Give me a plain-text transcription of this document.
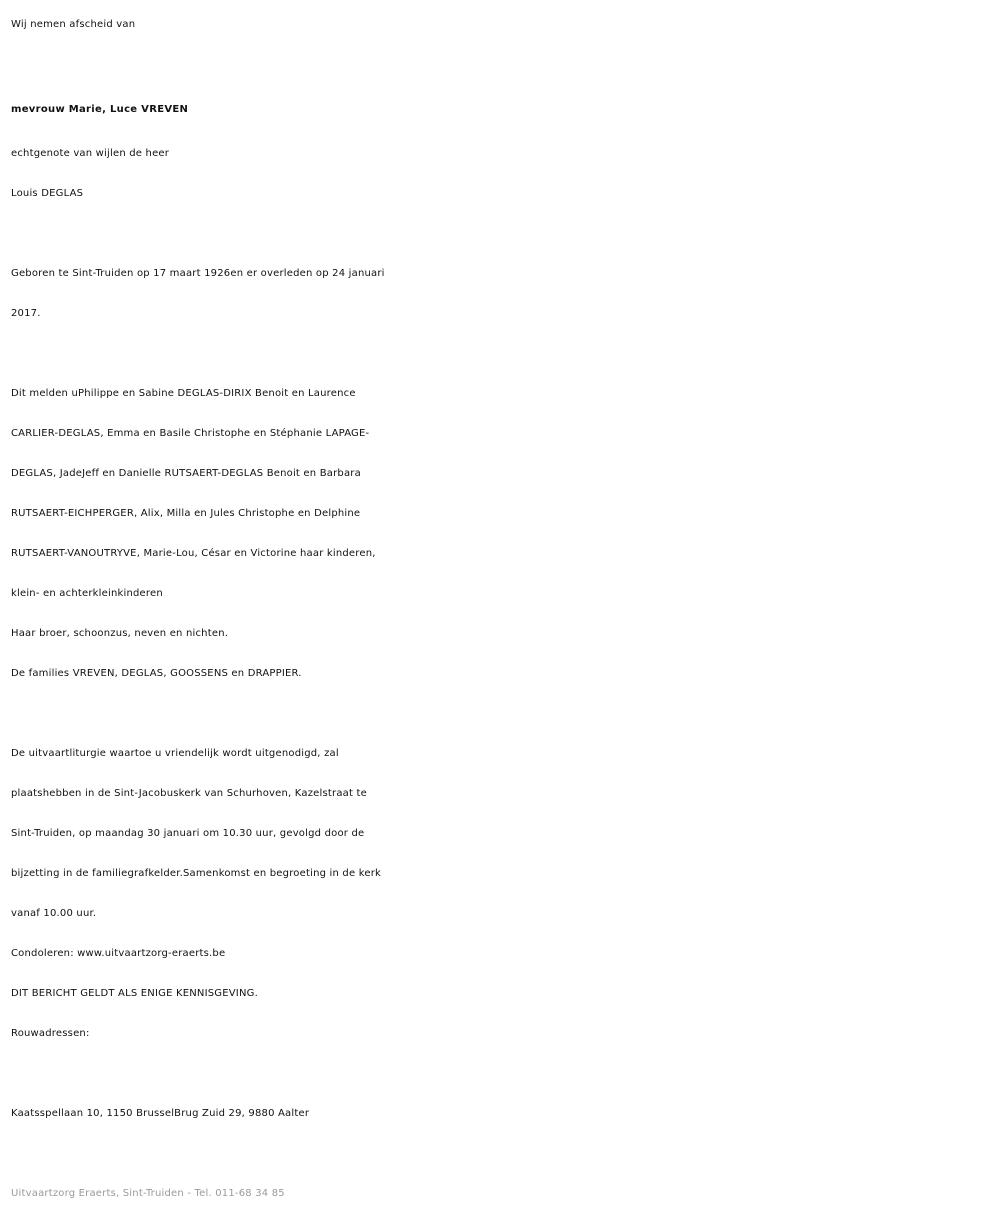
Wij nemen afscheid van
mevrouw Marie, Luce VREVEN
echtgenote van wijlen de heer
Louis DEGLAS
Geboren te Sint-Truiden op 17 maart 1926en er overleden op 24 januari
2017.
Dit melden uPhilippe en Sabine DEGLAS-DIRIX Benoit en Laurence
CARLIER-DEGLAS, Emma en Basile Christophe en Stéphanie LAPAGE-
DEGLAS, JadeJeff en Danielle RUTSAERT-DEGLAS Benoit en Barbara
RUTSAERT-EICHPERGER, Alix, Milla en Jules Christophe en Delphine
RUTSAERT-VANOUTRYVE, Marie-Lou, César en Victorine haar kinderen,
klein- en achterkleinkinderen
Haar broer, schoonzus, neven en nichten.
De families VREVEN, DEGLAS, GOOSSENS en DRAPPIER.
De uitvaartliturgie waartoe u vriendelijk wordt uitgenodigd, zal
plaatshebben in de Sint-Jacobuskerk van Schurhoven, Kazelstraat te
Sint-Truiden, op maandag 30 januari om 10.30 uur, gevolgd door de
bijzetting in de familiegrafkelder.Samenkomst en begroeting in de kerk
vanaf 10.00 uur.
Condoleren: www.uitvaartzorg-eraerts.be
DIT BERICHT GELDT ALS ENIGE KENNISGEVING.
Rouwadressen:
Kaatsspellaan 10, 1150 BrusselBrug Zuid 29, 9880 Aalter
Uitvaartzorg Eraerts, Sint-Truiden - Tel. 011-68 34 85
